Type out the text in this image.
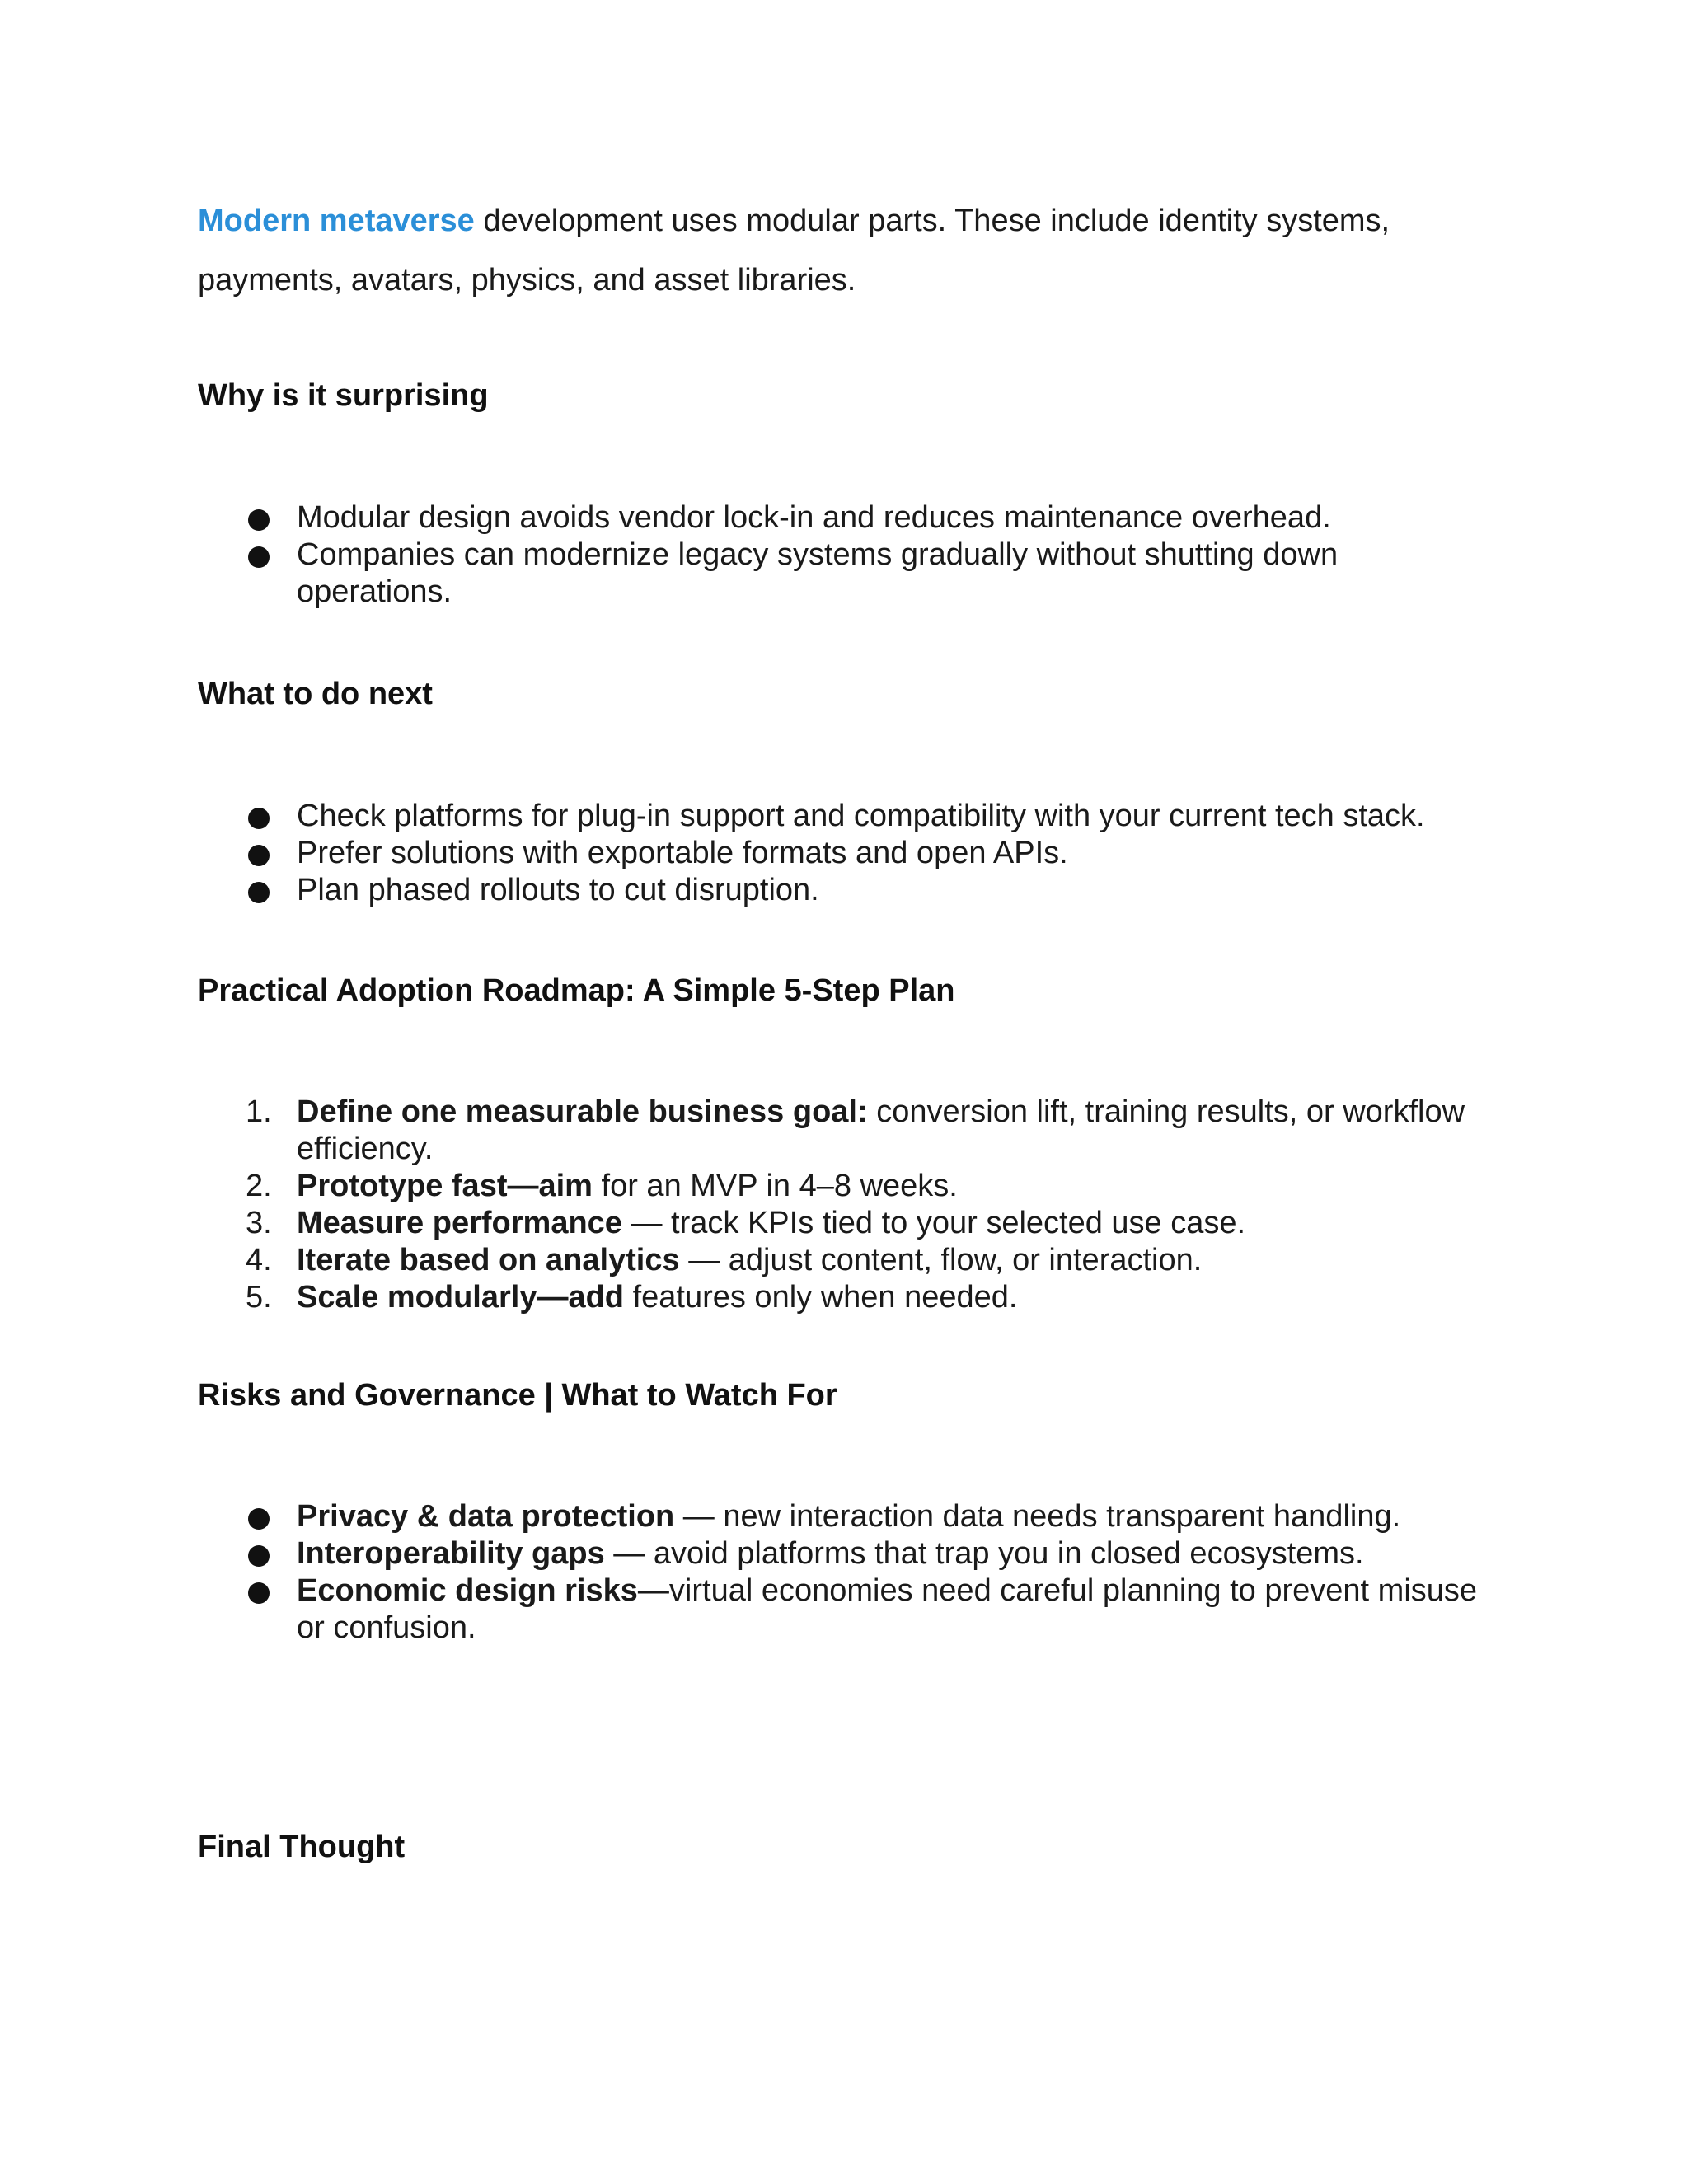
Modern metaverse development uses modular parts. These include identity systems, payments, avatars, physics, and asset libraries.

Why is it surprising
Modular design avoids vendor lock-in and reduces maintenance overhead.
Companies can modernize legacy systems gradually without shutting down operations.
What to do next
Check platforms for plug-in support and compatibility with your current tech stack.
Prefer solutions with exportable formats and open APIs.
Plan phased rollouts to cut disruption.
Practical Adoption Roadmap: A Simple 5-Step Plan
1. Define one measurable business goal: conversion lift, training results, or workflow efficiency.
2. Prototype fast—aim for an MVP in 4–8 weeks.
3. Measure performance — track KPIs tied to your selected use case.
4. Iterate based on analytics — adjust content, flow, or interaction.
5. Scale modularly—add features only when needed.
Risks and Governance | What to Watch For
Privacy & data protection — new interaction data needs transparent handling.
Interoperability gaps — avoid platforms that trap you in closed ecosystems.
Economic design risks—virtual economies need careful planning to prevent misuse or confusion.
Final Thought
